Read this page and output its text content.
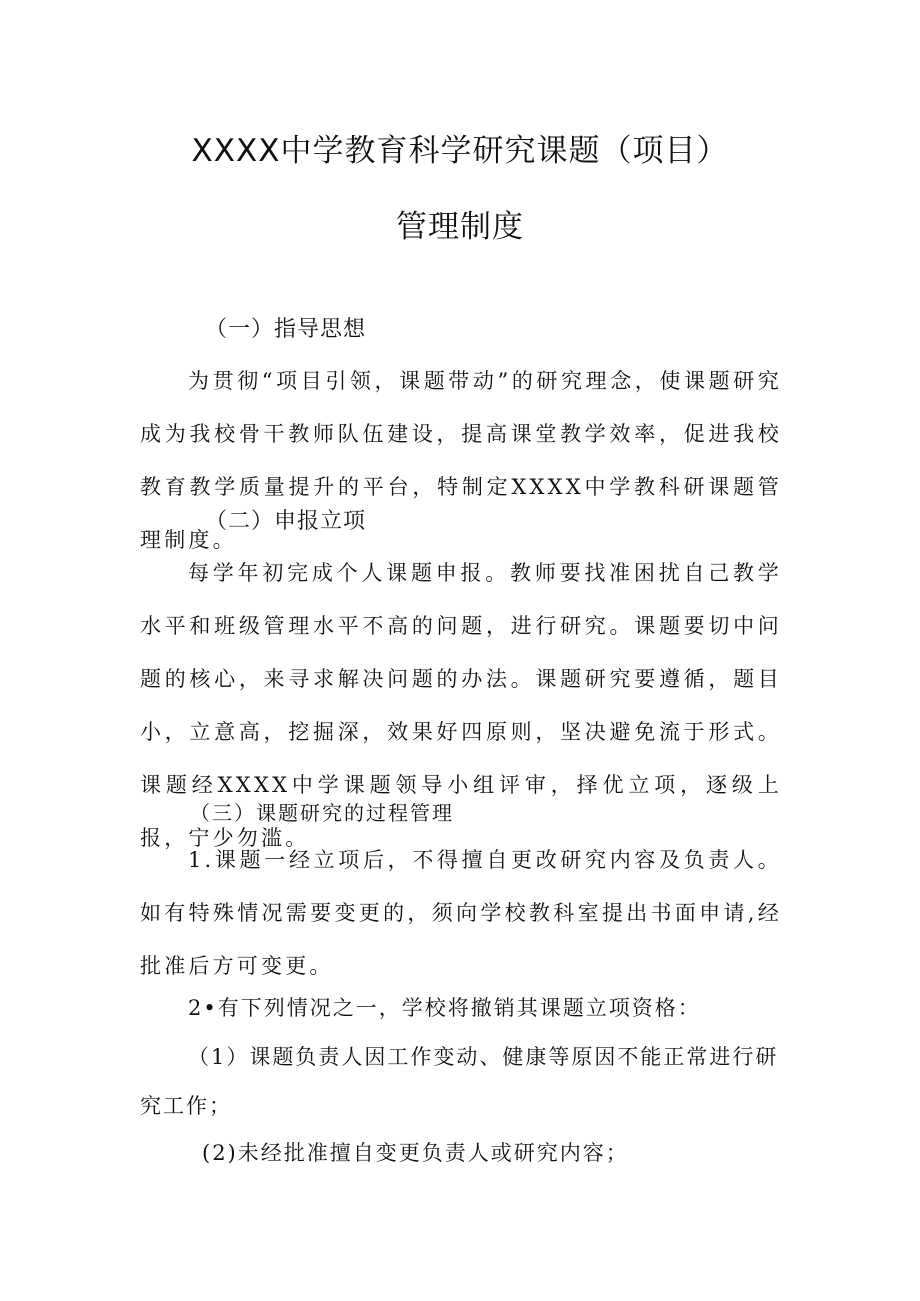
XXXX中学教育科学研究课题（项目）
管理制度
（一）指导思想
为贯彻“项目引领，课题带动”的研究理念，使课题研究成为我校骨干教师队伍建设，提高课堂教学效率，促进我校教育教学质量提升的平台，特制定XXXX中学教科研课题管理制度。
（二）申报立项
每学年初完成个人课题申报。教师要找准困扰自己教学水平和班级管理水平不高的问题，进行研究。课题要切中问题的核心，来寻求解决问题的办法。课题研究要遵循，题目小，立意高，挖掘深，效果好四原则，坚决避免流于形式。课题经XXXX中学课题领导小组评审，择优立项，逐级上报，宁少勿滥。
（三）课题研究的过程管理
1.课题一经立项后，不得擅自更改研究内容及负责人。如有特殊情况需要变更的，须向学校教科室提出书面申请,经批准后方可变更。
2•有下列情况之一，学校将撤销其课题立项资格：
（1）课题负责人因工作变动、健康等原因不能正常进行研
究工作；
(2)未经批准擅自变更负责人或研究内容；
